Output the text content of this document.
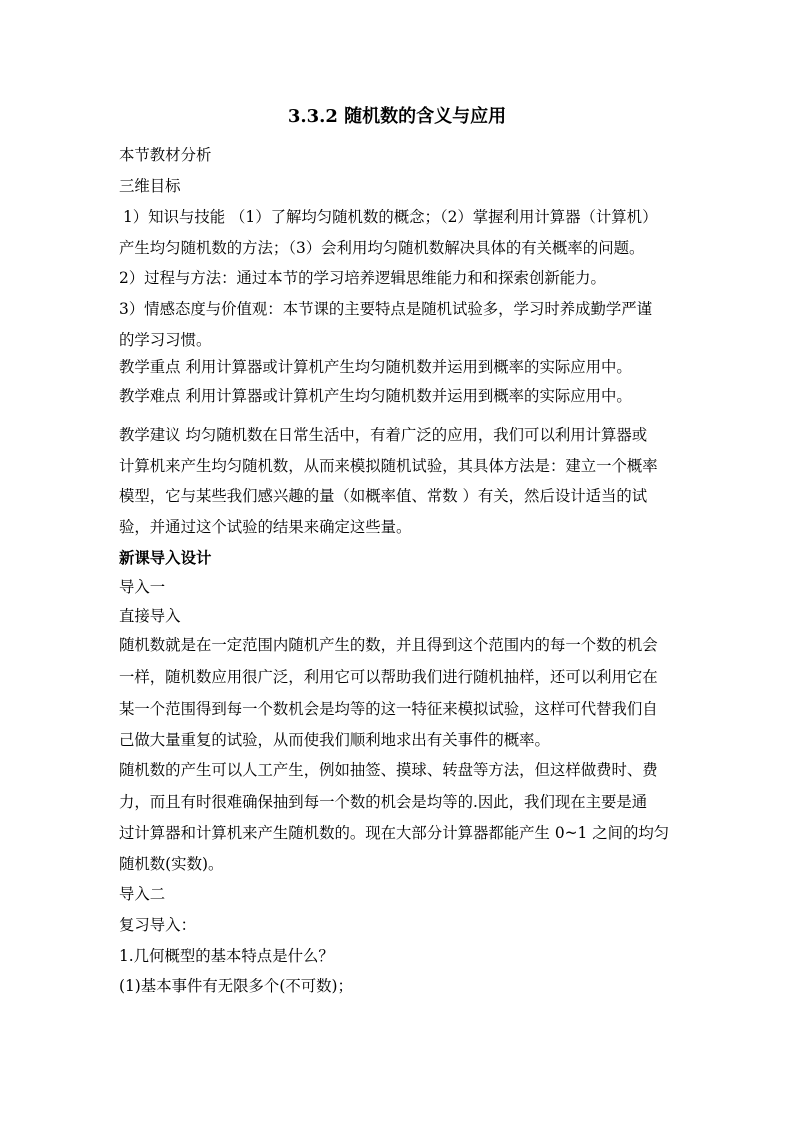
3.3.2 随机数的含义与应用
本节教材分析
三维目标
1）知识与技能 （1）了解均匀随机数的概念；（2）掌握利用计算器（计算机）
产生均匀随机数的方法；（3）会利用均匀随机数解决具体的有关概率的问题。
2）过程与方法：通过本节的学习培养逻辑思维能力和和探索创新能力。
3）情感态度与价值观：本节课的主要特点是随机试验多，学习时养成勤学严谨
的学习习惯。
教学重点 利用计算器或计算机产生均匀随机数并运用到概率的实际应用中。
教学难点 利用计算器或计算机产生均匀随机数并运用到概率的实际应用中。
教学建议 均匀随机数在日常生活中，有着广泛的应用，我们可以利用计算器或
计算机来产生均匀随机数，从而来模拟随机试验，其具体方法是：建立一个概率
模型，它与某些我们感兴趣的量（如概率值、常数 ）有关，然后设计适当的试
验，并通过这个试验的结果来确定这些量。
新课导入设计
导入一
直接导入
随机数就是在一定范围内随机产生的数，并且得到这个范围内的每一个数的机会
一样，随机数应用很广泛，利用它可以帮助我们进行随机抽样，还可以利用它在
某一个范围得到每一个数机会是均等的这一特征来模拟试验，这样可代替我们自
己做大量重复的试验，从而使我们顺利地求出有关事件的概率。
随机数的产生可以人工产生，例如抽签、摸球、转盘等方法，但这样做费时、费
力，而且有时很难确保抽到每一个数的机会是均等的.因此，我们现在主要是通
过计算器和计算机来产生随机数的。现在大部分计算器都能产生 0~1 之间的均匀
随机数(实数)。
导入二
复习导入：
1.几何概型的基本特点是什么？
(1)基本事件有无限多个(不可数)；
